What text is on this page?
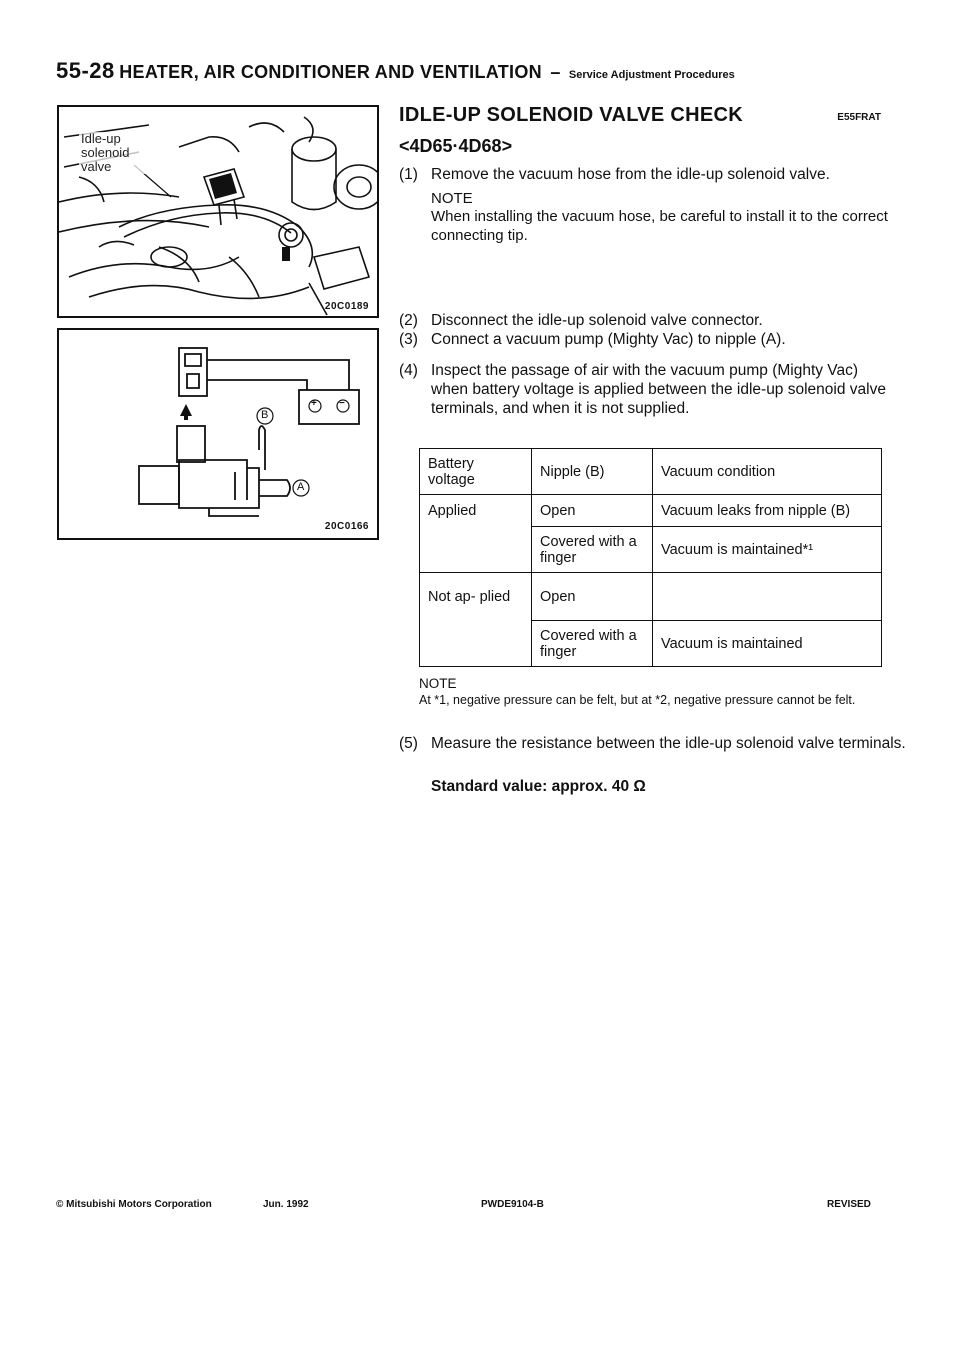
55-28 HEATER, AIR CONDITIONER AND VENTILATION – Service Adjustment Procedures
Idle-up solenoid valve
20C0189
B
A
+ −
20C0166
IDLE-UP SOLENOID VALVE CHECK	E55FRAT
<4D65·4D68>
(1) Remove the vacuum hose from the idle-up solenoid valve.
NOTE
When installing the vacuum hose, be careful to install it to the correct connecting tip.
(2) Disconnect the idle-up solenoid valve connector.
(3) Connect a vacuum pump (Mighty Vac) to nipple (A).
(4) Inspect the passage of air with the vacuum pump (Mighty Vac) when battery voltage is applied between the idle-up solenoid valve terminals, and when it is not supplied.
Battery voltage	Nipple (B)	Vacuum condition
Applied	Open	Vacuum leaks from nipple (B)
	Covered with a finger	Vacuum is maintained*¹
Not ap- plied	Open	
	Covered with a finger	Vacuum is maintained
NOTE
At *1, negative pressure can be felt, but at *2, negative pressure cannot be felt.
(5) Measure the resistance between the idle-up solenoid valve terminals.
Standard value: approx. 40 Ω
© Mitsubishi Motors Corporation	Jun. 1992	PWDE9104-B	REVISED
